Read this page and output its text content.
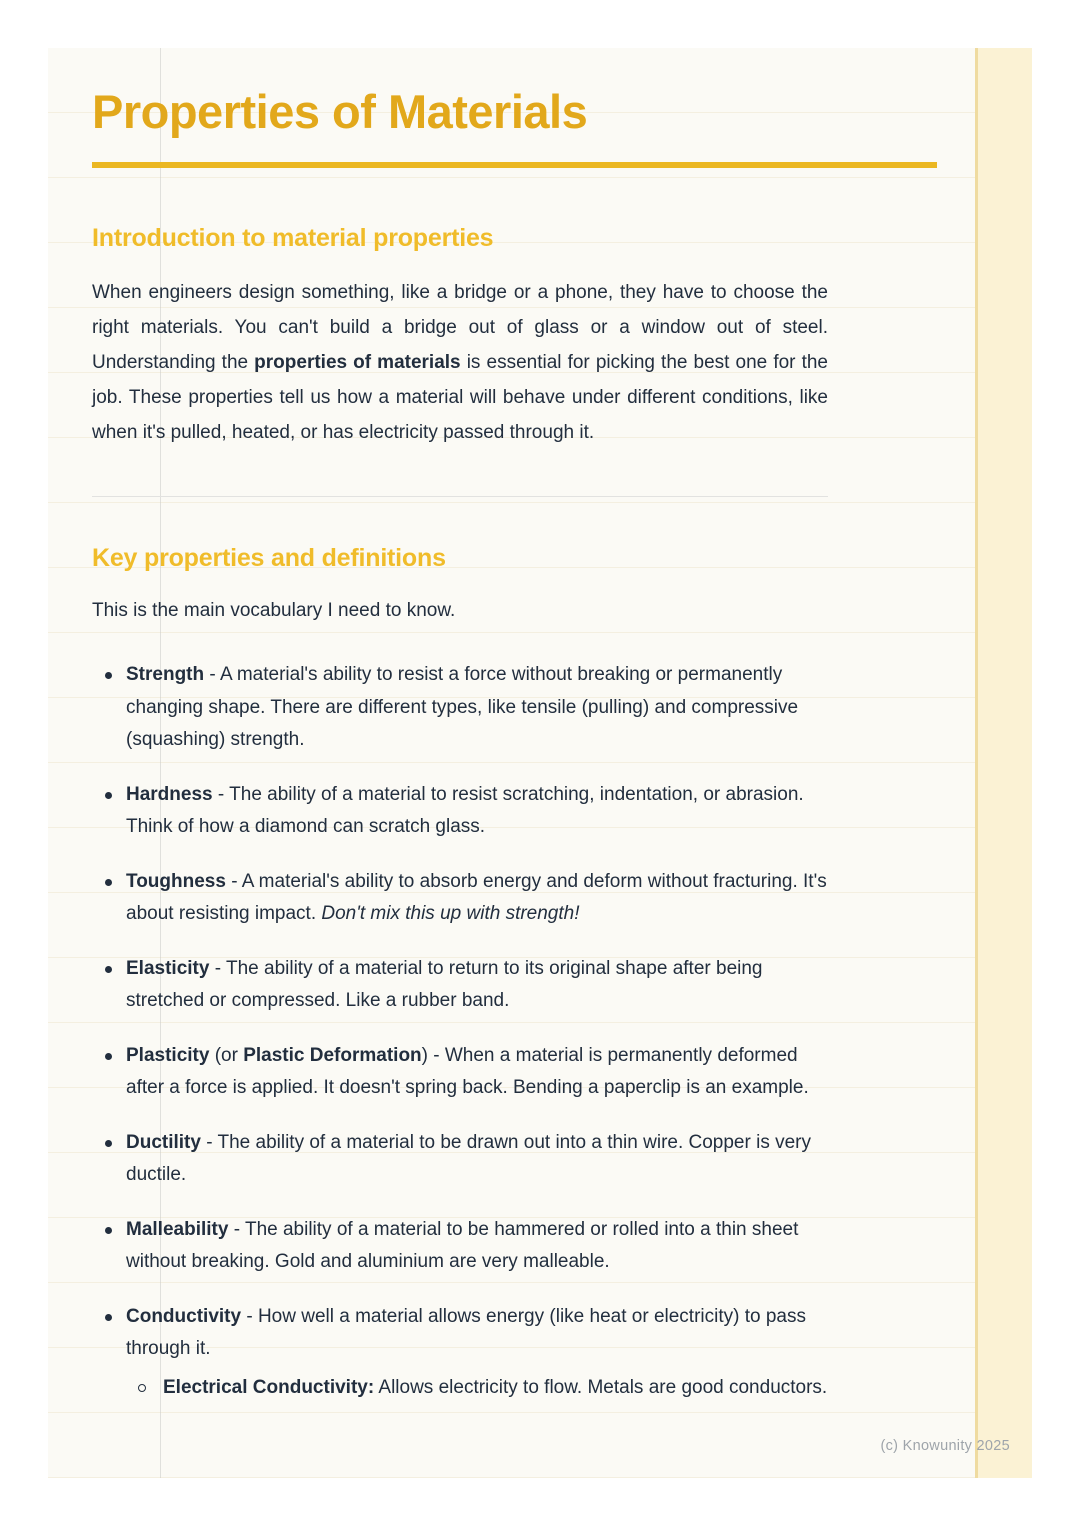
Properties of Materials
Introduction to material properties

When engineers design something, like a bridge or a phone, they have to choose the right materials. You can't build a bridge out of glass or a window out of steel. Understanding the properties of materials is essential for picking the best one for the job. These properties tell us how a material will behave under different conditions, like when it's pulled, heated, or has electricity passed through it.

Key properties and definitions

This is the main vocabulary I need to know.

Strength - A material's ability to resist a force without breaking or permanently changing shape. There are different types, like tensile (pulling) and compressive (squashing) strength.
Hardness - The ability of a material to resist scratching, indentation, or abrasion. Think of how a diamond can scratch glass.
Toughness - A material's ability to absorb energy and deform without fracturing. It's about resisting impact. Don't mix this up with strength!
Elasticity - The ability of a material to return to its original shape after being stretched or compressed. Like a rubber band.
Plasticity (or Plastic Deformation) - When a material is permanently deformed after a force is applied. It doesn't spring back. Bending a paperclip is an example.
Ductility - The ability of a material to be drawn out into a thin wire. Copper is very ductile.
Malleability - The ability of a material to be hammered or rolled into a thin sheet without breaking. Gold and aluminium are very malleable.
Conductivity - How well a material allows energy (like heat or electricity) to pass through it.
Electrical Conductivity: Allows electricity to flow. Metals are good conductors.
(c) Knowunity 2025
